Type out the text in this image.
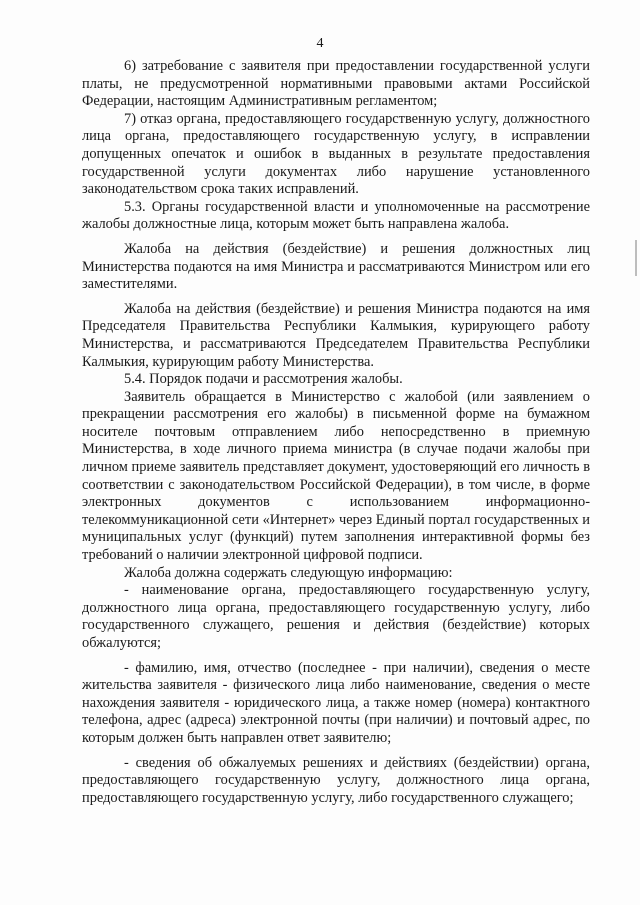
4

6) затребование с заявителя при предоставлении государственной услуги платы, не предусмотренной нормативными правовыми актами Российской Федерации, настоящим Административным регламентом;

7) отказ органа, предоставляющего государственную услугу, должностного лица органа, предоставляющего государственную услугу, в исправлении допущенных опечаток и ошибок в выданных в результате предоставления государственной услуги документах либо нарушение установленного законодательством срока таких исправлений.

5.3. Органы государственной власти и уполномоченные на рассмотрение жалобы должностные лица, которым может быть направлена жалоба.

Жалоба на действия (бездействие) и решения должностных лиц Министерства подаются на имя Министра и рассматриваются Министром или его заместителями.

Жалоба на действия (бездействие) и решения Министра подаются на имя Председателя Правительства Республики Калмыкия, курирующего работу Министерства, и рассматриваются Председателем Правительства Республики Калмыкия, курирующим работу Министерства.

5.4. Порядок подачи и рассмотрения жалобы.

Заявитель обращается в Министерство с жалобой (или заявлением о прекращении рассмотрения его жалобы) в письменной форме на бумажном носителе почтовым отправлением либо непосредственно в приемную Министерства, в ходе личного приема министра (в случае подачи жалобы при личном приеме заявитель представляет документ, удостоверяющий его личность в соответствии с законодательством Российской Федерации), в том числе, в форме электронных документов с использованием информационно-телекоммуникационной сети «Интернет» через Единый портал государственных и муниципальных услуг (функций) путем заполнения интерактивной формы без требований о наличии электронной цифровой подписи.

Жалоба должна содержать следующую информацию:

- наименование органа, предоставляющего государственную услугу, должностного лица органа, предоставляющего государственную услугу, либо государственного служащего, решения и действия (бездействие) которых обжалуются;

- фамилию, имя, отчество (последнее - при наличии), сведения о месте жительства заявителя - физического лица либо наименование, сведения о месте нахождения заявителя - юридического лица, а также номер (номера) контактного телефона, адрес (адреса) электронной почты (при наличии) и почтовый адрес, по которым должен быть направлен ответ заявителю;

- сведения об обжалуемых решениях и действиях (бездействии) органа, предоставляющего государственную услугу, должностного лица органа, предоставляющего государственную услугу, либо государственного служащего;
